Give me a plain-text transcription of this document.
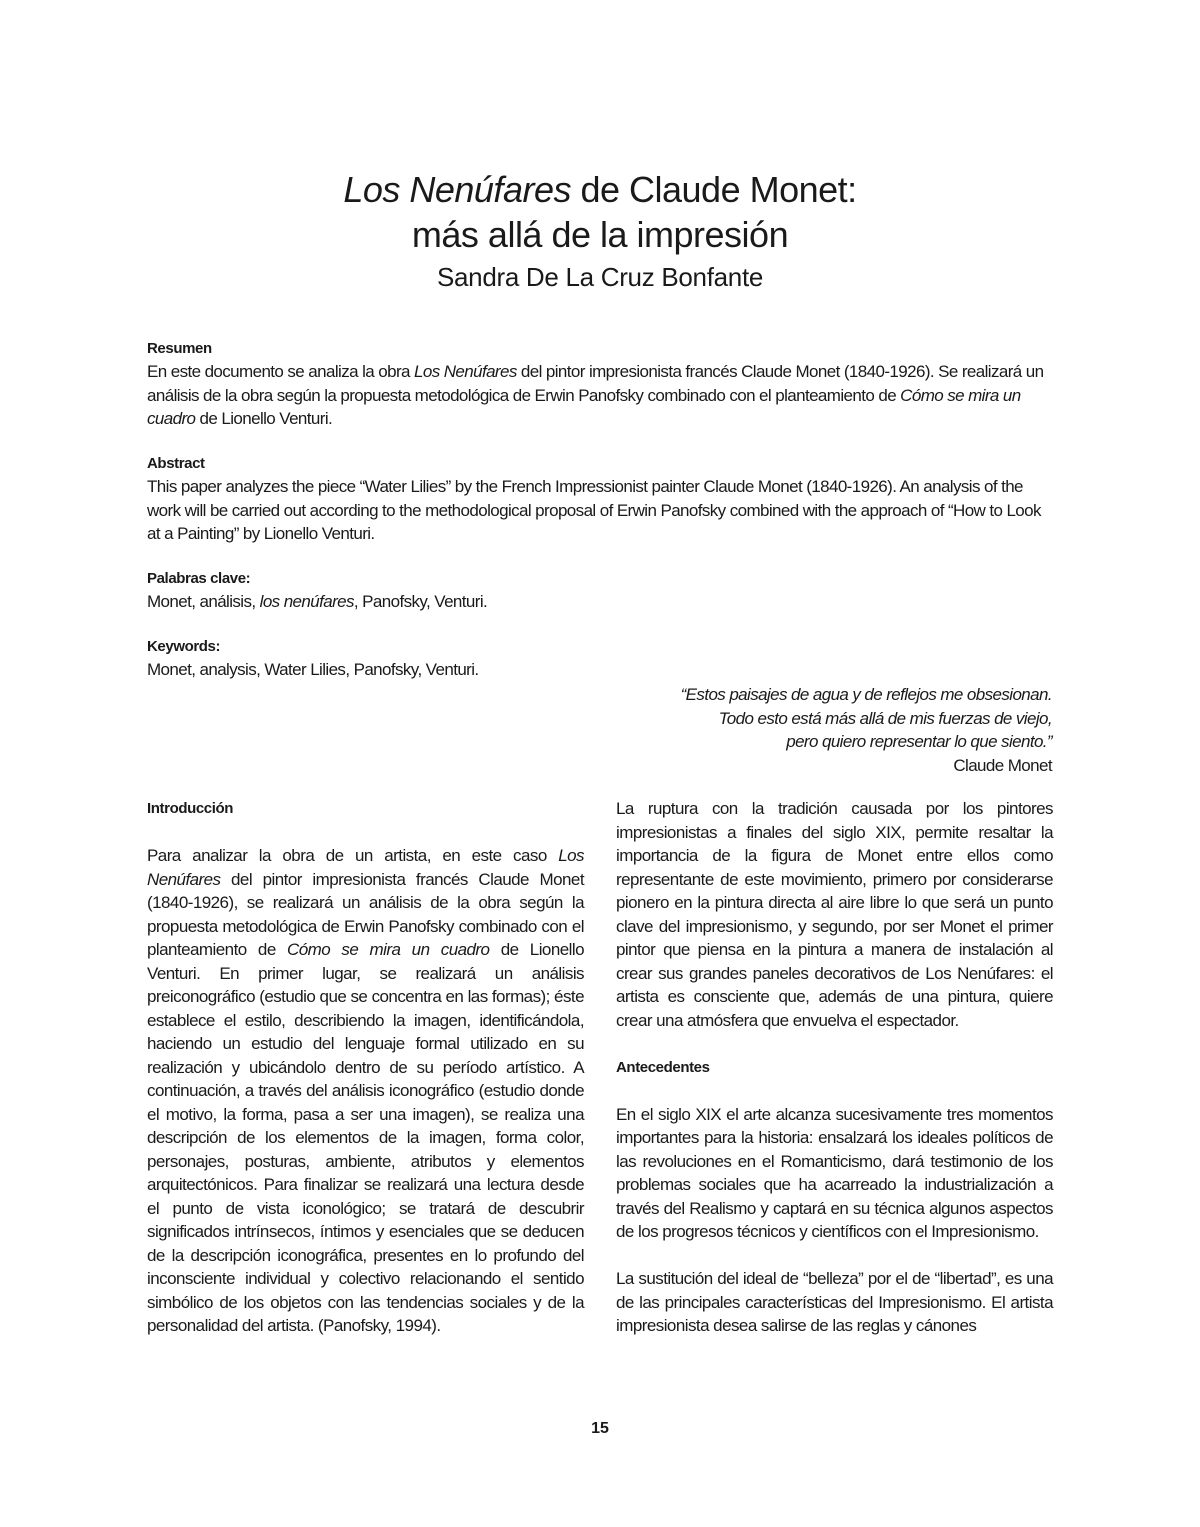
Los Nenúfares de Claude Monet:
más allá de la impresión
Sandra De La Cruz Bonfante
Resumen

En este documento se analiza la obra Los Nenúfares del pintor impresionista francés Claude Monet (1840-1926). Se realizará un análisis de la obra según la propuesta metodológica de Erwin Panofsky combinado con el planteamiento de Cómo se mira un cuadro de Lionello Venturi.

Abstract

This paper analyzes the piece “Water Lilies” by the French Impressionist painter Claude Monet (1840-1926). An analysis of the work will be carried out according to the methodological proposal of Erwin Panofsky combined with the approach of “How to Look at a Painting” by Lionello Venturi.

Palabras clave:

Monet, análisis, los nenúfares, Panofsky, Venturi.

Keywords:

Monet, analysis, Water Lilies, Panofsky, Venturi.

“Estos paisajes de agua y de reflejos me obsesionan.
Todo esto está más allá de mis fuerzas de viejo,
pero quiero representar lo que siento.”
Claude Monet
Introducción

Para analizar la obra de un artista, en este caso Los Nenúfares del pintor impresionista francés Claude Monet (1840-1926), se realizará un análisis de la obra según la propuesta metodológica de Erwin Panofsky combinado con el planteamiento de Cómo se mira un cuadro de Lionello Venturi. En primer lugar, se realizará un análisis preiconográfico (estudio que se concentra en las formas); éste establece el estilo, describiendo la imagen, identificándola, haciendo un estudio del lenguaje formal utilizado en su realización y ubicándolo dentro de su período artístico. A continuación, a través del análisis iconográfico (estudio donde el motivo, la forma, pasa a ser una imagen), se realiza una descripción de los elementos de la imagen, forma color, personajes, posturas, ambiente, atributos y elementos arquitectónicos. Para finalizar se realizará una lectura desde el punto de vista iconológico; se tratará de descubrir significados intrínsecos, íntimos y esenciales que se deducen de la descripción iconográfica, presentes en lo profundo del inconsciente individual y colectivo relacionando el sentido simbólico de los objetos con las tendencias sociales y de la personalidad del artista. (Panofsky, 1994).

La ruptura con la tradición causada por los pintores impresionistas a finales del siglo XIX, permite resaltar la importancia de la figura de Monet entre ellos como representante de este movimiento, primero por considerarse pionero en la pintura directa al aire libre lo que será un punto clave del impresionismo, y segundo, por ser Monet el primer pintor que piensa en la pintura a manera de instalación al crear sus grandes paneles decorativos de Los Nenúfares: el artista es consciente que, además de una pintura, quiere crear una atmósfera que envuelva el espectador.

Antecedentes

En el siglo XIX el arte alcanza sucesivamente tres momentos importantes para la historia: ensalzará los ideales políticos de las revoluciones en el Romanticismo, dará testimonio de los problemas sociales que ha acarreado la industrialización a través del Realismo y captará en su técnica algunos aspectos de los progresos técnicos y científicos con el Impresionismo.

La sustitución del ideal de “belleza” por el de “libertad”, es una de las principales características del Impresionismo. El artista impresionista desea salirse de las reglas y cánones

15
